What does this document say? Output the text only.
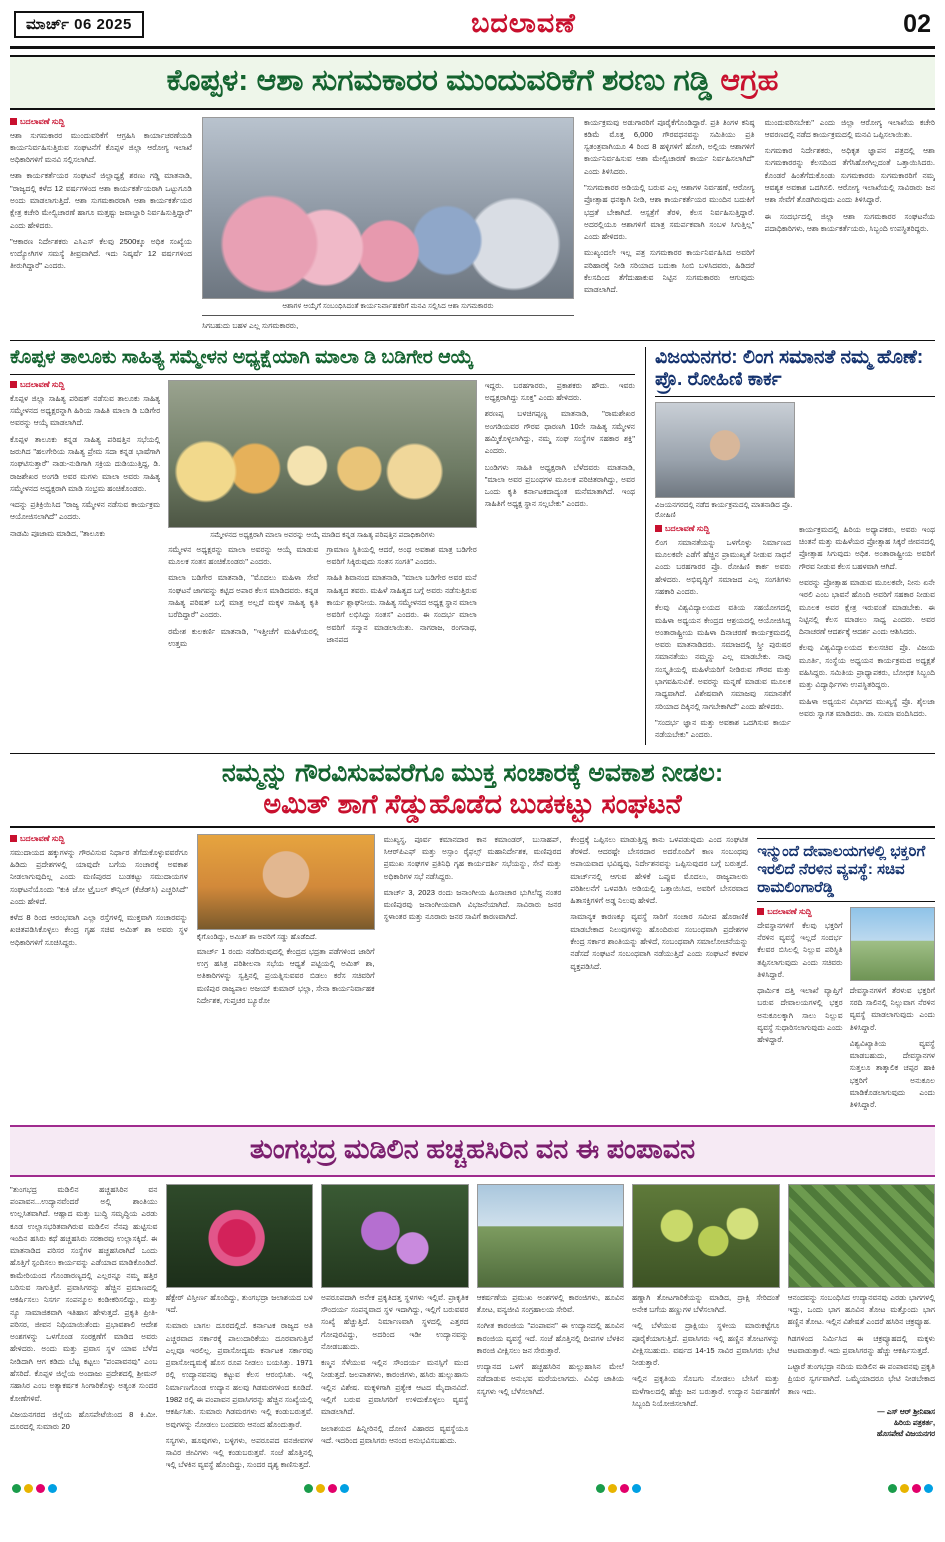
ಮಾರ್ಚ್ 06 2025	ಬದಲಾವಣೆ	02
ಕೊಪ್ಪಳ: ಆಶಾ ಸುಗಮಕಾರರ ಮುಂದುವರಿಕೆಗೆ ಶರಣು ಗಡ್ಡಿ ಆಗ್ರಹ
ಬದಲಾವಣೆ ಸುದ್ದಿ

ಆಶಾ ಸುಗಮಕಾರರ ಮುಂದುವರಿಕೆಗೆ ಆಗ್ರಹಿಸಿ ಕಾರ್ಯಾಚರಣೆಯಡಿ ಕಾರ್ಯನಿರ್ವಹಿಸುತ್ತಿರುವ ಸಂಘಟನೆಗೆ ಕೊಪ್ಪಳ ಜಿಲ್ಲಾ ಆರೋಗ್ಯ ಇಲಾಖೆ ಅಧಿಕಾರಿಗಳಿಗೆ ಮನವಿ ಸಲ್ಲಿಸಲಾಗಿದೆ.

ಆಶಾ ಕಾರ್ಯಕರ್ತೆಯರ ಸಂಘಟನೆ ಜಿಲ್ಲಾಧ್ಯಕ್ಷೆ ಶರಣು ಗಡ್ಡಿ ಮಾತನಾಡಿ, "ರಾಜ್ಯದಲ್ಲಿ ಕಳೆದ 12 ವರ್ಷಗಳಿಂದ ಆಶಾ ಕಾರ್ಯಕರ್ತೆಯರಾಗಿ ಒಟ್ಟುಗೂಡಿ ಅಂದು ಮಾಡಲಾಗುತ್ತಿದೆ. ಆಶಾ ಸುಗಮಕಾರರಾಗಿ ಆಶಾ ಕಾರ್ಯಕರ್ತೆಯರ ಕ್ಷೇತ್ರ ಕಚೇರಿ ಮೇಲ್ವಿಚಾರಣೆ ಹಾಗೂ ಮತ್ತಷ್ಟು ಜವಾಬ್ದಾರಿ ನಿರ್ವಹಿಸುತ್ತಿದ್ದಾರೆ" ಎಂದು ಹೇಳಿದರು.

"ಆಕಾರಣ ನಿರ್ದೇಶಕರು ಎಸಿಎಸ್ ಕೆಲವು 2500ಕ್ಕೂ ಅಧಿಕ ಸಂಖ್ಯೆಯ ಉದ್ಯೋಗಿಗಳ ಸಮಸ್ಯೆ ತೀವ್ರವಾಗಿದೆ. ಇದು ನಿಷ್ಕರ್ಷೆ 12 ವರ್ಷಗಳಿಂದ ತೀರುಗಿದ್ದಾರೆ" ಎಂದರು.

ಆಶಾಗಳ ಆಯ್ಕೆಗೆ ಸಂಬಂಧಿಸಿದಂತೆ ಕಾರ್ಯನಿರ್ವಾಹಕರಿಗೆ ಮನವಿ ಸಲ್ಲಿಸಿದ ಆಶಾ ಸುಗಮಕಾರರು

ಸಿಗಬಹುದು ಬಹಳ ಎಲ್ಲ ಸುಗಮಕಾರರು,

ಕಾರ್ಯಕ್ರಮವು ಅಡುಗಾರರಿಗೆ ಪೂರೈಕೆಗೊಂಡಿದ್ದಾರೆ. ಪ್ರತಿ ತಿಂಗಳ ಕನಿಷ್ಠ ಕಡಿಮೆ ಮೊತ್ತ 6,000 ಗೌರವಧನವನ್ನು ಸಮಿತಿಯು ಪ್ರತಿ ಸ್ವತಂತ್ರವಾಗಿಯೂ 4 ರಿಂದ 8 ಹಳ್ಳಿಗಳಿಗೆ ಹೋಗಿ, ಅಲ್ಲಿಯ ಆಶಾಗಳಿಗೆ ಕಾರ್ಯನಿರ್ವಹಿಸುವ ಆಶಾ ಮೇಲ್ವಿಚಾರಣೆ ಕಾರ್ಯ ನಿರ್ವಹಿಸಲಾಗಿದೆ" ಎಂದು ತಿಳಿಸಿದರು.

"ಸುಗಮಕಾರರ ಅಡಿಯಲ್ಲಿ ಬರುವ ಎಲ್ಲ ಆಶಾಗಳ ನಿರ್ವಹಣೆ, ಆರೋಗ್ಯ ಪ್ರೋತ್ಸಾಹ ಧನಕ್ಕಾಗಿ ನೀಡಿ, ಆಶಾ ಕಾರ್ಯಕರ್ತೆಯರ ಮುಂದಿನ ಬದುಕಿಗೆ ಭದ್ರತೆ ಬೇಕಾಗಿದೆ. ಆಸ್ಪತ್ರೆಗೆ ತೆರಳಿ, ಕೆಲಸ ನಿರ್ವಹಿಸುತ್ತಿದ್ದಾರೆ. ಅದರಲ್ಲಿಯೂ ಆಶಾಗಳಿಗೆ ಮಾತ್ರ ಸಮರ್ಪಕವಾಗಿ ಸಂಬಳ ಸಿಗುತ್ತಿಲ್ಲ" ಎಂದು ಹೇಳಿದರು.

ಮುಖ್ಯಂದಲೇ ಇಲ್ಲ ಪತ್ರ ಸುಗಮಕಾರರ ಕಾರ್ಯನಿರ್ವಹಿಸಿದ ಅವರಿಗೆ ಪರಿಹಾರಕ್ಕೆ ನೀಡಿ ಸರಿಯಾದ ಬದುಕಾ ಸಿಂಬಿ ಬಳಸಿದವರು, ಹಿಡಿದರೆ ಕೆಲಸದಿಂದ ತೆಗೆದುಹಾಕುವ ನಿಟ್ಟಿನ ಸುಗಮಕಾರರು ಆಗುವುದು ಮಾಡಲಾಗಿದೆ.

ಮುಂದುವರಿಸಬೇಕು" ಎಂದು ಜಿಲ್ಲಾ ಆರೋಗ್ಯ ಇಲಾಖೆಯ ಕಚೇರಿ ಆವರಣದಲ್ಲಿ ನಡೆದ ಕಾರ್ಯಕ್ರಮದಲ್ಲಿ ಮನವಿ ಒಪ್ಪಿಸಲಾಯಿತು.

ಸುಗಮಕಾರ ನಿರ್ದೇಶಕರು, ಅಧಿಕೃತ ಜ್ಞಾಪನ ಪತ್ರದಲ್ಲಿ ಆಶಾ ಸುಗಮಕಾರರನ್ನು ಕೆಲಸದಿಂದ ತೆಗೆಸಿಹೋಗಿಲ್ಲದಂತೆ ಒತ್ತಾಯಿಸಿದರು. ಕೊಂಡರೆ ಹಿಂತೆಗೆದುಕೊಂಡು ಸುಗಮಕಾರರು ಸುಗಮಕಾರರಿಗೆ ನಮ್ಮ ಆವಶ್ಯಕ ಅವಕಾಶ ಒದಗಿಸಲಿ. ಆರೋಗ್ಯ ಇಲಾಖೆಯಲ್ಲಿ ಸಾವಿರಾರು ಜನ ಆಶಾ ಸೇವೆಗೆ ತೊಡಗಿರುವುದು ಎಂದು ತಿಳಿಸಿದ್ದಾರೆ.

ಈ ಸಂದರ್ಭದಲ್ಲಿ ಜಿಲ್ಲಾ ಆಶಾ ಸುಗಮಕಾರರ ಸಂಘಟನೆಯ ಪದಾಧಿಕಾರಿಗಳು, ಆಶಾ ಕಾರ್ಯಕರ್ತೆಯರು, ಸಿಬ್ಬಂದಿ ಉಪಸ್ಥಿತರಿದ್ದರು.

ಕೊಪ್ಪಳ ತಾಲೂಕು ಸಾಹಿತ್ಯ ಸಮ್ಮೇಳನ ಅಧ್ಯಕ್ಷೆಯಾಗಿ ಮಾಲಾ ಡಿ ಬಡಿಗೇರ ಆಯ್ಕೆ
ಬದಲಾವಣೆ ಸುದ್ದಿ

ಕೊಪ್ಪಳ ಜಿಲ್ಲಾ ಸಾಹಿತ್ಯ ಪರಿಷತ್ ನಡೆಸುವ ತಾಲೂಕು ಸಾಹಿತ್ಯ ಸಮ್ಮೇಳನದ ಅಧ್ಯಕ್ಷರನ್ನಾಗಿ ಹಿರಿಯ ಸಾಹಿತಿ ಮಾಲಾ ಡಿ ಬಡಿಗೇರ ಅವರನ್ನು ಆಯ್ಕೆ ಮಾಡಲಾಗಿದೆ.

ಕೊಪ್ಪಳ ತಾಲೂಕು ಕನ್ನಡ ಸಾಹಿತ್ಯ ಪರಿಷತ್ತಿನ ಸಭೆಯಲ್ಲಿ ಜರುಗಿದ "ಹಲಗೇರಿಯ ಸಾಹಿತ್ಯ ಪ್ರೇಮ ಸದಾ ಕನ್ನಡ ಭಾಷೆಗಾಗಿ ಸಂಘಟಿಸುತ್ತಾರೆ" ನಾಡು-ನುಡಿಗಾಗಿ ಸಕ್ರಿಯ ದುಡಿಯುತ್ತಿದ್ದ, ಡಿ. ರಾಜಶೇಖರ ಅಂಗಡಿ ಅವರ ಮಗಳು ಮಾಲಾ ಅವರು ಸಾಹಿತ್ಯ ಸಮ್ಮೇಳನದ ಅಧ್ಯಕ್ಷರಾಗಿ ಮಾಡಿ ಸಂಭ್ರಮ ಹಂಚಿಕೊಂಡರು.

ಇದನ್ನು ಪ್ರತಿಕ್ರಿಯಿಸಿದ "ರಾಜ್ಯ ಸಮ್ಮೇಳನ ನಡೆಸುವ ಕಾರ್ಯಕ್ರಮ ಆಯೋಜಿಸಲಾಗಿದೆ" ಎಂದರು.

ನಾಡಮಿ ಪೂಜಾಮ ಮಾಡಿದ, "ತಾಲೂಕು	ಸಮ್ಮೇಳನದ ಅಧ್ಯಕ್ಷರಾಗಿ ಮಾಲಾ ಅವರನ್ನು ಆಯ್ಕೆ ಮಾಡಿದ ಕನ್ನಡ ಸಾಹಿತ್ಯ ಪರಿಷತ್ತಿನ ಪದಾಧಿಕಾರಿಗಳು

ಸಮ್ಮೇಳನ ಅಧ್ಯಕ್ಷರನ್ನು ಮಾಲಾ ಅವರನ್ನು ಆಯ್ಕೆ ಮಾಡುವ ಮೂಲಕ ಸಂತಸ ಹಂಚಿಕೊಂಡರು" ಎಂದರು.

ಮಾಲಾ ಬಡಿಗೇರ ಮಾತನಾಡಿ, "ಮೊದಲು ಮಹಿಳಾ ಸೇವೆ ಸಂಘಟನೆ ಜಾಗವನ್ನು ಕಟ್ಟಿದ ಅಪಾರ ಕೆಲಸ ಮಾಡಿದವರು. ಕನ್ನಡ ಸಾಹಿತ್ಯ ಪರಿಷತ್ ಬಗ್ಗೆ ಮಾತ್ರ ಅಲ್ಲದೆ ಮಕ್ಕಳ ಸಾಹಿತ್ಯ ಕೃತಿ ಬರೆದಿದ್ದಾರೆ" ಎಂದರು.

ರಮೇಶ ಕುಲಕರ್ಣಿ ಮಾತನಾಡಿ, "ಇತ್ತೀಚೆಗೆ ಮಹಿಳೆಯರಲ್ಲಿ ಉತ್ತಮ

ಗ್ರಾಮಾಣ ಸ್ಥಿತಿಯಲ್ಲಿ ಆದರೆ, ಅಂಥ ಅವಕಾಶ ಮಾತ್ರ ಬಡಿಗೇರ ಅವರಿಗೆ ಸಿಕ್ಕಿರುವುದು ಸಂತಸ ಸಂಗತಿ" ಎಂದರು.

ಸಾಹಿತಿ ಶಿವಾನಂದ ಮಾತನಾಡಿ, "ಮಾಲಾ ಬಡಿಗೇರ ಅವರ ಮನೆ ಸಾಹಿತ್ಯದ ತವರು. ಮಹಿಳೆ ಸಾಹಿತ್ಯದ ಬಗ್ಗೆ ಅವರು ನಡೆಸುತ್ತಿರುವ ಕಾರ್ಯ ಶ್ಲಾಘನೀಯ. ಸಾಹಿತ್ಯ ಸಮ್ಮೇಳನದ ಅಧ್ಯಕ್ಷ ಸ್ಥಾನ ಮಾಲಾ ಅವರಿಗೆ ಲಭಿಸಿದ್ದು ಸಂತಸ" ಎಂದರು. ಈ ಸಂದರ್ಭ ಮಾಲಾ ಅವರಿಗೆ ಸನ್ಮಾನ ಮಾಡಲಾಯಿತು. ನಾಗರಾಜ, ರಂಗನಾಥ, ಜಾನಪದ

ಇದ್ದರು. ಬರಹಗಾರರು, ಪ್ರಕಾಶಕರು ಹೌದು. ಇವರು ಅಧ್ಯಕ್ಷರಾಗಿದ್ದು ಸೂಕ್ತ" ಎಂದು ಹೇಳಿದರು.

ಶರಣಪ್ಪ ಬಳಚಿಗಪ್ಪಣ್ಣ ಮಾತನಾಡಿ, "ರಾಮಶೇಖರ ಅಂಗಡಿಯವರ ಗೌರವ ಧಾರಣಗಿ 10ನೇ ಸಾಹಿತ್ಯ ಸಮ್ಮೇಳನ ಹಮ್ಮಿಕೊಳ್ಳಲಾಗಿದ್ದು, ನಮ್ಮ ಸಂಘ ಸಂಸ್ಥೆಗಳ ಸಹಕಾರ ಶಕ್ತಿ" ಎಂದರು.

ಬಂಡಿಗಳು ಸಾಹಿತಿ ಅಧ್ಯಕ್ಷರಾಗಿ ಬೆಳೆದವರು ಮಾತನಾಡಿ, "ಮಾಲಾ ಅವರ ಪ್ರಬಂಧಗಳ ಮೂಲಕ ಪರಿಚಿತರಾಗಿದ್ದು, ಅವರ ಒಂದು ಕೃತಿ ಕರ್ನಾಟಕದಾದ್ಯಂತ ಮನೆಮಾತಾಗಿದೆ. ಇಂಥ ಸಾಹಿತಿಗೆ ಅಧ್ಯಕ್ಷ ಸ್ಥಾನ ಸಲ್ಲಬೇಕು" ಎಂದರು.

ವಿಜಯನಗರ: ಲಿಂಗ ಸಮಾನತೆ ನಮ್ಮ ಹೊಣೆ: ಪ್ರೊ. ರೋಹಿಣಿ ಕಾರ್ಕ
ವಿಜಯನಗರದಲ್ಲಿ ನಡೆದ ಕಾರ್ಯಕ್ರಮದಲ್ಲಿ ಮಾತನಾಡಿದ ಪ್ರೊ. ರೋಹಿಣಿ
ಬದಲಾವಣೆ ಸುದ್ದಿ

ಲಿಂಗ ಸಮಾನತೆಯನ್ನು ಒಳಗೊಳ್ಳು ನಿರ್ಮಾಣದ ಮೂಲಕವೇ ಎಡೆಗೆ ಹೆಚ್ಚಿನ ಪ್ರಾಮುಖ್ಯತೆ ನೀಡುವ ಸಾಧನೆ ಎಂದು ಬರಹಗಾರರ ಪ್ರೊ. ರೋಹಿಣಿ ಕಾರ್ಕ ಅವರು ಹೇಳಿದರು. ಅಭಿವೃದ್ಧಿಗೆ ಸಮಾಜದ ಎಲ್ಲ ಸಂಗತಿಗಳು ಸಹಕಾರಿ ಎಂದರು.

ಕೆಲವು ವಿಶ್ವವಿದ್ಯಾಲಯದ ವತಿಯ ಸಹಯೋಗದಲ್ಲಿ ಮಹಿಳಾ ಅಧ್ಯಯನ ಕೇಂದ್ರದ ಆಶ್ರಯದಲ್ಲಿ ಆಯೋಜಿಸಿದ್ದ ಅಂತಾರಾಷ್ಟ್ರೀಯ ಮಹಿಳಾ ದಿನಾಚರಣೆ ಕಾರ್ಯಕ್ರಮದಲ್ಲಿ ಅವರು ಮಾತನಾಡಿದರು. ಸಮಾಜದಲ್ಲಿ ಸ್ತ್ರೀ ಪುರುಷರ ಸಮಾನತೆಯು ನಮ್ಮನ್ನು ಎಲ್ಲ ಮಾಡಬೇಕು. ನಾವು ಸಂಸ್ಕೃತಿಯಲ್ಲಿ ಮಹಿಳೆಯರಿಗೆ ನೀಡಿರುವ ಗೌರವ ಮತ್ತು ಭಾಗವಹಿಸುವಿಕೆ. ಅವರನ್ನು ಮನ್ನಣೆ ಮಾಡುವ ಮೂಲಕ ಸಾಧ್ಯವಾಗಿದೆ. ವಿಶೇಷವಾಗಿ ಸಮಾಜವು ಸಮಾನತೆಗೆ ಸರಿಯಾದ ದಿಕ್ಕಿನಲ್ಲಿ ಸಾಗಬೇಕಾಗಿದೆ" ಎಂದು ಹೇಳಿದರು.

"ಸಂದರ್ಭ ಜ್ಞಾನ ಮತ್ತು ಅವಕಾಶ ಒದಗಿಸುವ ಕಾರ್ಯ ನಡೆಯಬೇಕು" ಎಂದರು.

ಕಾರ್ಯಕ್ರಮದಲ್ಲಿ ಹಿರಿಯ ಅಧ್ಯಾಪಕರು, ಅವರು ಇಂಥ ಚಿಂತನೆ ಮತ್ತು ಮಹಿಳೆಯರ ಪ್ರೋತ್ಸಾಹ ಸಿಕ್ಕರೆ ಜೀವನದಲ್ಲಿ ಪ್ರೋತ್ಸಾಹ ಸಿಗುವುದು ಅಧಿಕ. ಅಂತಾರಾಷ್ಟ್ರೀಯ ಅವರಿಗೆ ಗೌರವ ನೀಡುವ ಕೆಲಸ ಬಹಳವಾಗಿ ಆಗಿದೆ.

ಅವರನ್ನು ಪ್ರೋತ್ಸಾಹ ಮಾಡುವ ಮೂಲಕವೇ, ನೀನು ಏನೇ ಇರಲಿ ಎಂಬ ಭಾವನೆ ಹೊಂದಿ ಅವರಿಗೆ ಸಹಕಾರ ನೀಡುವ ಮೂಲಕ ಅವರ ಕ್ಷೇತ್ರ ಇರುವಂತೆ ಮಾಡಬೇಕು. ಈ ನಿಟ್ಟಿನಲ್ಲಿ ಕೆಲಸ ಮಾಡಲು ಸಾಧ್ಯ ಎಂದರು. ಅವರ ದಿನಾಚರಣೆ ಆದರ್ಶಕ್ಕೆ ಆದರ್ಶ ಎಂದು ಆಶಿಸಿದರು.

ಕೆಲವು ವಿಶ್ವವಿದ್ಯಾಲಯದ ಕುಲಸಚಿವ ಪ್ರೊ. ವಿಜಯ ಮೂರ್ತಿ, ಸಂಸ್ಥೆಯ ಅಧ್ಯಯನ ಕಾರ್ಯಕ್ರಮದ ಅಧ್ಯಕ್ಷತೆ ವಹಿಸಿದ್ದರು. ಸಮಿತಿಯ ಪ್ರಾಧ್ಯಾಪಕರು, ಬೋಧಕ ಸಿಬ್ಬಂದಿ ಮತ್ತು ವಿದ್ಯಾರ್ಥಿಗಳು ಉಪಸ್ಥಿತರಿದ್ದರು.

ಮಹಿಳಾ ಅಧ್ಯಯನ ವಿಭಾಗದ ಮುಖ್ಯಸ್ಥೆ ಪ್ರೊ. ಶೈಲಜಾ ಅವರು ಸ್ವಾಗತ ಮಾಡಿದರು. ಡಾ. ಸುಮಾ ವಂದಿಸಿದರು.

ನಮ್ಮನ್ನು ಗೌರವಿಸುವವರೆಗೂ ಮುಕ್ತ ಸಂಚಾರಕ್ಕೆ ಅವಕಾಶ ನೀಡಲ:
ಅಮಿತ್ ಶಾಗೆ ಸೆಡ್ಡುಹೊಡೆದ ಬುಡಕಟ್ಟು ಸಂಘಟನೆ
ಬದಲಾವಣೆ ಸುದ್ದಿ

ಸಮುದಾಯದ ಹಕ್ಕುಗಳನ್ನು ಗೌರವಿಸುವ ನಿರ್ಧಾರ ತೆಗೆದುಕೊಳ್ಳುವವರೆಗೂ ಹಿಡಿದು ಪ್ರದೇಶಗಳಲ್ಲಿ ಯಾವುದೇ ಬಗೆಯ ಸಂಚಾರಕ್ಕೆ ಅವಕಾಶ ನೀಡಲಾಗುವುದಿಲ್ಲ ಎಂದು ಮಣಿಪುರದ ಬುಡಕಟ್ಟು ಸಮುದಾಯಗಳ ಸಂಘಟನೆಯೊಂದು "ಕುಕಿ ಜೋ ಟ್ರೈಬಲ್ ಕೌನ್ಸಿಲ್ (ಕೆಜೆಡ್‌ಸಿ) ಎಚ್ಚರಿಸಿದೆ" ಎಂದು ಹೇಳಿದೆ.

ಕಳೆದ 8 ರಿಂದ ಆರಂಭವಾಗಿ ಎಲ್ಲಾ ರಸ್ತೆಗಳಲ್ಲಿ ಮುಕ್ತವಾಗಿ ಸಂಚಾರವನ್ನು ಖಚಿತಪಡಿಸಿಕೊಳ್ಳಲು ಕೇಂದ್ರ ಗೃಹ ಸಚಿವ ಅಮಿತ್ ಶಾ ಅವರು ಸ್ಥಳ ಅಧಿಕಾರಿಗಳಿಗೆ ಸೂಚಿಸಿದ್ದರು.

ಕೈಗೊಂಡಿದ್ದು, ಅಮಿತ್ ಶಾ ಅವರಿಗೆ ಸಡ್ಡು ಹೊಡೆದಿದೆ.

ಮಾರ್ಚ್ 1 ರಂದು ನಡೆದಿರುವುದಲ್ಲಿ ಕೇಂದ್ರದ ಭದ್ರತಾ ಪಡೆಗಳಿಂದ ಜಾರಿಗೆ ಉಗ್ರ ಹಸಿತ್ರ ಪರಿಶೀಲನಾ ಸಭೆಯ ಆಧ್ಯತೆ ಪಟ್ಟಿಯಲ್ಲಿ ಅಮಿತ್ ಶಾ, ಅತಿಕಾರಿಗಳನ್ನು ಸ್ವತ್ತಿನಲ್ಲಿ ಪ್ರಯತ್ನಿಸುವವರ ಬಿಡಲು ಕರೆಸ ಸಚಿವರಿಗೆ ಮಣಿಪುರ ರಾಜ್ಯಪಾಲ ಅಜಯ್ ಕುಮಾರ್ ಭಲ್ಲಾ, ಸೇನಾ ಕಾರ್ಯನಿರ್ವಾಹಕ ನಿರ್ದೇಶಕ, ಗುಪ್ತಚರ ಬ್ಯೂರೋ

ಮುಖ್ಯಸ್ಥ, ಪೂರ್ವ ಕಮಾನದಾರ ಕಾನ ಕಮಾಂಡರ್, ಬುಸಾಹಪ್, ಸಿಆರ್‌ಪಿಎಫ್ ಮತ್ತು ಅಸ್ಸಾಂ ರೈಫಲ್ಸ್‌ ಮಹಾನಿರ್ದೇಶಕ, ಮಣಿಪುರದ ಪ್ರಮುಖ ಸಂಘಗಳ ಪ್ರತಿನಿಧಿ ಗೃಹ ಕಾರ್ಯದರ್ಶಿ ಸಭೆಯನ್ನು, ಸೇನೆ ಮತ್ತು ಅಧಿಕಾರಿಗಳ ಸಭೆ ನಡೆಸಿದ್ದರು.

ಮಾರ್ಚ್ 3, 2023 ರಂದು ಜನಾಂಗೀಯ ಹಿಂಸಾಚಾರ ಭುಗಿಲೆದ್ದ ನಂತರ ಮಣಿಪುರವು ಜನಾಂಗೀಯವಾಗಿ ವಿಭಜನೆಯಾಗಿದೆ. ಸಾವಿರಾರು ಜನರ ಸ್ಥಳಾಂತರ ಮತ್ತು ನೂರಾರು ಜನರ ಸಾವಿಗೆ ಕಾರಣವಾಗಿದೆ.

ಕೇಂದ್ರಕ್ಕೆ ಒಪ್ಪಿಸಲು ಮಾಡುತ್ತಿದ್ದ ಕಾನು ಒಳಪಡುವುದು ಎಂದ ಸಂಘಟಿತ ತೆರಳಿದೆ. ಆದರಷ್ಟೇ ಬೇಸರದಾರ ಅದರೊಂದಿಗೆ ಕಾಣ ಸಂಬಂಧವು ಅಪಾಯವಾದ ಭವಿಷ್ಯವು, ನಿರ್ದೇಶನವನ್ನು ಒಪ್ಪಿಸುವುದರ ಬಗ್ಗೆ ಬರುತ್ತದೆ. ಮಾರ್ಚ್‌ನಲ್ಲಿ ಆಗುವ ಹೇಳಿಕೆ ಒಪ್ಪುವ ಮೊದಲು, ರಾಜ್ಯಪಾಲರು ಪರಿಶೀಲನೆಗೆ ಒಳಪಡಿಸಿ ಅಡಿಯಲ್ಲಿ ಒತ್ತಾಯಿಸಿದ, ಅವರಿಗೆ ಬೇಸರವಾದ ಹಿತಾಸಕ್ತಿಗಳಿಗೆ ಅಡ್ಡ ನಿಲುವು ಹೇಳಿದೆ.

ಸಾಮಾನ್ಯಕ ಕಾರಣಕ್ಕೂ ವ್ಯವಸ್ಥೆ ಸಾರಿಗೆ ಸಂಚಾರ ಸಮೀಪ ಹೊರಾಣಿಕೆ ಮಾಡಬೇಕಾದ ನಿಲುವುಗಳನ್ನು ಹೊಂದಿರುವ ಸಂಬಂಧವಾಗಿ ಪ್ರದೇಶಗಳ ಕೇಂದ್ರ ಸರ್ಕಾರ ಶಾಂತಿಯನ್ನು ಹೇಳಿದೆ, ಸಂಬಂಧವಾಗಿ ಸಮಾಲೋಚನೆಯನ್ನು ನಡೆಸದೆ ಸಂಘಟನೆ ಸಂಬಂಧವಾಗಿ ನಡೆಯುತ್ತಿದೆ ಎಂದು ಸಂಘಟನೆ ಕಳವಳ ವ್ಯಕ್ತಪಡಿಸಿದೆ.

ಇನ್ಮುಂದೆ ದೇವಾಲಯಗಳಲ್ಲಿ ಭಕ್ತರಿಗೆ ಇರಲಿದೆ ನೆರಳಿನ ವ್ಯವಸ್ಥೆ: ಸಚಿವ ರಾಮಲಿಂಗಾರೆಡ್ಡಿ
ಬದಲಾವಣೆ ಸುದ್ದಿ

ದೇವಸ್ಥಾನಗಳಿಗೆ ಕೆಲವು ಭಕ್ತರಿಗೆ ನೆರಳಿನ ವ್ಯವಸ್ಥೆ ಇಲ್ಲದೆ ಸಂದರ್ಭ ಕೆಲವರ ಬಿಸಿಲಲ್ಲಿ ನಿಲ್ಲುವ ಪರಿಸ್ಥಿತಿ ತಪ್ಪಿಸಲಾಗುವುದು ಎಂದು ಸಚಿವರು ತಿಳಿಸಿದ್ದಾರೆ.

ಧಾರ್ಮಿಕ ದತ್ತಿ ಇಲಾಖೆ ವ್ಯಾಪ್ತಿಗೆ ಬರುವ ದೇವಾಲಯಗಳಲ್ಲಿ ಭಕ್ತರ ಅನುಕೂಲಕ್ಕಾಗಿ ಸಾಲು ನಿಲ್ಲುವ ವ್ಯವಸ್ಥೆ ಸುಧಾರಿಸಲಾಗುವುದು ಎಂದು ಹೇಳಿದ್ದಾರೆ.

ದೇವಸ್ಥಾನಗಳಿಗೆ ತೆರಳುವ ಭಕ್ತರಿಗೆ ಸರದಿ ಸಾಲಿನಲ್ಲಿ ನಿಲ್ಲುವಾಗ ನೆರಳಿನ ವ್ಯವಸ್ಥೆ ಮಾಡಲಾಗುವುದು ಎಂದು ತಿಳಿಸಿದ್ದಾರೆ.

ವಿಶ್ವವಿಖ್ಯಾತಿಯ ವ್ಯವಸ್ಥೆ ಮಾಡಬಹುದು, ದೇವಸ್ಥಾನಗಳ ಸುತ್ತಲೂ ತಾತ್ಕಾಲಿಕ ಚಪ್ಪರ ಹಾಕಿ ಭಕ್ತರಿಗೆ ಅನುಕೂಲ ಮಾಡಿಕೊಡಲಾಗುವುದು ಎಂದು ತಿಳಿಸಿದ್ದಾರೆ.

ತುಂಗಭದ್ರ ಮಡಿಲಿನ ಹಚ್ಚಹಸಿರಿನ ವನ ಈ ಪಂಪಾವನ

"ತುಂಗಭದ್ರ ಮಡಿಲಿನ ಹಚ್ಚಹಸಿರಿನ ವನ ಪಂಪಾವನ...ಉದ್ಯಾನವೆಂದರೆ ಅಲ್ಲಿ ಶಾಂತಿಯು ಉಲ್ಲಸಿತವಾಗಿದೆ. ಆಹ್ಲಾದ ಮತ್ತು ಬುದ್ಧಿ ಸಮೃದ್ಧಿಯ ಎರಡು ಕೂಡ ಉಲ್ಲಾಸಭರಿತವಾಗಿರುವ ಮಡಿಲಿನ ನೆನಪು ಹುಟ್ಟಿಸುವ ಇಂದಿನ ಹಸಿರು ಕಥೆ ಹಚ್ಚಹಸಿರು ಸರಕಾರವು ಉಲ್ಲಾಸಕ್ಕಿದೆ. ಈ ಮಾತನಾಡಿದ ಪರಿಸರ ಸಂಸ್ಥೆಗಳ ಹಚ್ಚಹಸಿರಾಗಿದೆ ಒಂದು ಹೊತ್ತಿಗೆ ಸ್ಪಂದಿಸಲು ಕಾರ್ಯವನ್ನು ಎಡೆಯಾದ ಮಾಡಿಕೊಂಡಿದೆ. ಕಾಮೇರಿಯಂದ ಗೊಂಡಾರಣ್ಯದಲ್ಲಿ ಎಲ್ಲರನ್ನೂ ನಮ್ಮ ಹತ್ತಿರ ಬರಿಸುವ ಸಾಗುತ್ತಿವೆ. ಪ್ರವಾಸಿಗರನ್ನು ಹೆಚ್ಚಿನ ಪ್ರಮಾಣದಲ್ಲಿ ಆಕರ್ಷಿಸಲು ನಿಸರ್ಗ ಸಂಪನ್ಮೂಲ ಕಂಡೀಕರಿಸಲಿದ್ದು, ಮತ್ತು ನ್ಯೂ ಸಾಮಾಜಿಕವಾಗಿ ಇತಿಹಾಸ ಹೇಳುತ್ತದೆ. ಪ್ರಕೃತಿ ಪ್ರೀತಿ- ಪರಿಸರ, ಜೀವನ ನಿಧಿಯಾಯಿತೆಂದು ಪ್ರಭಾವಶಾಲಿ ಆದೇಶ ಅಂಶಗಳನ್ನು ಒಳಗೊಂಡ ಸಂರಕ್ಷಣೆಗೆ ಮಾಡಿದ ಅವರು ಹೇಳಿದರು. ಅಂದು ಮತ್ತು ಪ್ರವಾಸ ಸ್ಥಳ ಯಾವ ಬೆಳೆದ ನೀಡಿದಾಗಿ ಆಗ ಕಡಿದು ಬೆಟ್ಟ ಕಟ್ಟಲು "ಪಂಪಾವನವು" ಎಂಬ ಹೆಸರಿದೆ. ಕೊಪ್ಪಳ ಜಿಲ್ಲೆಯ ಅಂದಾಜು ಪ್ರದೇಶದಲ್ಲಿ ಶ್ರೀಮನ್ ಸಹಾಸಿರ ಎಂಬ ಅತ್ಯಾಕರ್ಷಕ ಸಿಂಗಾರಿಕೊಳ್ಳು ಅತ್ಯಂತ ಸುಂದರ ಕೋಣೆಗಳಿವೆ.

ವಿಜಯನಗರದ ಜಿಲ್ಲೆಯ ಹೊಸಪೇಟೆಯಿಂದ 8 ಕಿ.ಮೀ. ದೂರದಲ್ಲಿ ಸುಮಾರು 20

ಹೆಕ್ಟೇರ್ ವಿಸ್ತೀರ್ಣ ಹೊಂದಿದ್ದು, ತುಂಗಭದ್ರಾ ಜಲಾಶಯದ ಬಳಿ ಇದೆ.

ಸುಮಾರು ಬಾಗಲ ದೂರದಲ್ಲಿದೆ. ಕರ್ನಾಟಕ ರಾಜ್ಯದ ಅತಿ ಎಚ್ಚರವಾದ ಸರ್ಕಾರಕ್ಕೆ ಪಾಲುದಾರಿಕೆಯು ದೂರವಾಗುತ್ತಿವೆ ಎಲ್ಲವೂ ಇರಲಿಲ್ಲ. ಪ್ರವಾಸೋದ್ಯಮ ಕರ್ನಾಟಕ ಸರ್ಕಾರವು ಪ್ರವಾಸೋದ್ಯಮಕ್ಕೆ ಹೊಸ ರೂಪ ನೀಡಲು ಬಯಸಿತ್ತು. 1971 ರಲ್ಲಿ ಉದ್ಯಾನವನವು ಕಟ್ಟುವ ಕೆಲಸ ಆರಂಭಿಸಿತು. ಇಲ್ಲಿ ನಿರ್ಮಾಣಗೊಂಡ ಉದ್ಯಾನ ಹಲವು ಗಿಡಮರಗಳಿಂದ ಕೂಡಿದೆ. 1982 ರಲ್ಲಿ ಈ ಪಂಪಾವನ ಪ್ರವಾಸಿಗರನ್ನು ಹೆಚ್ಚಿನ ಸಂಖ್ಯೆಯಲ್ಲಿ ಆಕರ್ಷಿಸಿತು. ಸುಮಾರು ಗಿಡಮರಗಳು ಇಲ್ಲಿ ಕಂಡುಬರುತ್ತವೆ. ಅವುಗಳನ್ನು ನೋಡಲು ಬಂದವರು ಆನಂದ ಹೊಂದುತ್ತಾರೆ.

ಸಸ್ಯಗಳು, ಹೂವುಗಳು, ಬಳ್ಳಿಗಳು, ಅಪರೂಪದ ವನಜೀವಗಳ ಸಾವಿರ ಜೀವಿಗಳು ಇಲ್ಲಿ ಕಂಡುಬರುತ್ತವೆ. ಸಂಜೆ ಹೊತ್ತಿನಲ್ಲಿ ಇಲ್ಲಿ ಬೆಳಕಿನ ವ್ಯವಸ್ಥೆ ಹೊಂದಿದ್ದು, ಸುಂದರ ದೃಶ್ಯ ಕಾಣಿಸುತ್ತದೆ.

ಅಪರೂಪದಾಗಿ ಅನೇಕ ಪ್ರಕೃತಿದತ್ತ ಸ್ಥಳಗಳು ಇಲ್ಲಿವೆ. ಪ್ರಾಕೃತಿಕ ಸೌಂದರ್ಯ ಸಂಪನ್ನವಾದ ಸ್ಥಳ ಇದಾಗಿದ್ದು, ಇಲ್ಲಿಗೆ ಬರುವವರ ಸಂಖ್ಯೆ ಹೆಚ್ಚುತ್ತಿದೆ. ನಿರ್ಮಾಣವಾಗಿ ಸ್ಥಳದಲ್ಲಿ ಎತ್ತರದ ಗೋಪುರವಿದ್ದು, ಅದರಿಂದ ಇಡೀ ಉದ್ಯಾನವನ್ನು ನೋಡಬಹುದು.

ಕಣ್ಮನ ಸೆಳೆಯುವ ಇಲ್ಲಿನ ಸೌಂದರ್ಯ ಮನಸ್ಸಿಗೆ ಮುದ ನೀಡುತ್ತದೆ. ಜಲಪಾತಗಳು, ಕಾರಂಜಿಗಳು, ಹಸಿರು ಹುಲ್ಲುಹಾಸು ಇಲ್ಲಿನ ವಿಶೇಷ. ಮಕ್ಕಳಿಗಾಗಿ ಪ್ರತ್ಯೇಕ ಆಟದ ಮೈದಾನವಿದೆ. ಇಲ್ಲಿಗೆ ಬರುವ ಪ್ರವಾಸಿಗರಿಗೆ ಉಳಿದುಕೊಳ್ಳಲು ವ್ಯವಸ್ಥೆ ಮಾಡಲಾಗಿದೆ.

ಜಲಾಶಯದ ಹಿನ್ನೀರಿನಲ್ಲಿ ದೋಣಿ ವಿಹಾರದ ವ್ಯವಸ್ಥೆಯೂ ಇದೆ. ಇದರಿಂದ ಪ್ರವಾಸಿಗರು ಆನಂದ ಅನುಭವಿಸಬಹುದು.

ಆಕರ್ಷಣೆಯ ಪ್ರಮುಖ ಅಂಶಗಳಲ್ಲಿ ಕಾರಂಜಿಗಳು, ಹೂವಿನ ತೋಟ, ವನ್ಯಜೀವಿ ಸಂಗ್ರಹಾಲಯ ಸೇರಿವೆ.

ಸಂಗೀತ ಕಾರಂಜಿಯ "ಪಂಪಾವನ" ಈ ಉದ್ಯಾನದಲ್ಲಿ ಹೂವಿನ ಕಾರಂಜಿಯ ವ್ಯವಸ್ಥೆ ಇದೆ. ಸಂಜೆ ಹೊತ್ತಿನಲ್ಲಿ ದೀಪಗಳ ಬೆಳಕಿನ ಕಾರಂಜಿ ವೀಕ್ಷಿಸಲು ಜನ ಸೇರುತ್ತಾರೆ.

ಉದ್ಯಾನದ ಒಳಗೆ ಹಚ್ಚಹಸಿರಿನ ಹುಲ್ಲುಹಾಸಿನ ಮೇಲೆ ನಡೆದಾಡುವ ಅನುಭವ ಮರೆಯಲಾಗದು. ವಿವಿಧ ಜಾತಿಯ ಸಸ್ಯಗಳು ಇಲ್ಲಿ ಬೆಳೆಸಲಾಗಿದೆ.

ಹಣ್ಣಾಗಿ ತೋಟಗಾರಿಕೆಯನ್ನು ಮಾಡಿದ, ದ್ರಾಕ್ಷಿ ಸೇರಿದಂತೆ ಅನೇಕ ಬಗೆಯ ಹಣ್ಣುಗಳ ಬೆಳೆಸಲಾಗಿದೆ.

ಇಲ್ಲಿ ಬೆಳೆಯುವ ದ್ರಾಕ್ಷಿಯು ಸ್ಥಳೀಯ ಮಾರುಕಟ್ಟೆಗೂ ಪೂರೈಕೆಯಾಗುತ್ತಿದೆ. ಪ್ರವಾಸಿಗರು ಇಲ್ಲಿ ಹಣ್ಣಿನ ತೋಟಗಳನ್ನು ವೀಕ್ಷಿಸಬಹುದು. ವರ್ಷದ 14-15 ಸಾವಿರ ಪ್ರವಾಸಿಗರು ಭೇಟಿ ನೀಡುತ್ತಾರೆ.

ಇಲ್ಲಿನ ಪ್ರಕೃತಿಯ ಸೊಬಗು ನೋಡಲು ಬೇಸಿಗೆ ಮತ್ತು ಮಳೆಗಾಲದಲ್ಲಿ ಹೆಚ್ಚು ಜನ ಬರುತ್ತಾರೆ. ಉದ್ಯಾನ ನಿರ್ವಹಣೆಗೆ ಸಿಬ್ಬಂದಿ ನಿಯೋಜಿಸಲಾಗಿದೆ.

ಆನಂದವನ್ನು ಸಂಬಂಧಿಸಿದ ಉದ್ಯಾನವನವು ಎರಡು ಭಾಗಗಳಲ್ಲಿ ಇದ್ದು, ಒಂದು ಭಾಗ ಹೂವಿನ ತೋಟ ಮತ್ತೊಂದು ಭಾಗ ಹಣ್ಣಿನ ತೋಟ. ಇಲ್ಲಿನ ವಿಶೇಷತೆ ಎಂದರೆ ಹಸಿರಿನ ಚಕ್ರವ್ಯೂಹ.

ಗಿಡಗಳಿಂದ ನಿರ್ಮಿಸಿದ ಈ ಚಕ್ರವ್ಯೂಹದಲ್ಲಿ ಮಕ್ಕಳು ಆಟವಾಡುತ್ತಾರೆ. ಇದು ಪ್ರವಾಸಿಗರನ್ನು ಹೆಚ್ಚು ಆಕರ್ಷಿಸುತ್ತದೆ.

ಒಟ್ಟಾರೆ ತುಂಗಭದ್ರಾ ನದಿಯ ಮಡಿಲಿನ ಈ ಪಂಪಾವನವು ಪ್ರಕೃತಿ ಪ್ರಿಯರ ಸ್ವರ್ಗವಾಗಿದೆ. ಒಮ್ಮೆಯಾದರೂ ಭೇಟಿ ನೀಡಬೇಕಾದ ತಾಣ ಇದು.

— ಎಸ್ ಆರ್ ಶ್ರೀನಿವಾಸ
ಹಿರಿಯ ಪತ್ರಕರ್ತ,
ಹೊಸಪೇಟೆ ವಿಜಯನಗರ
